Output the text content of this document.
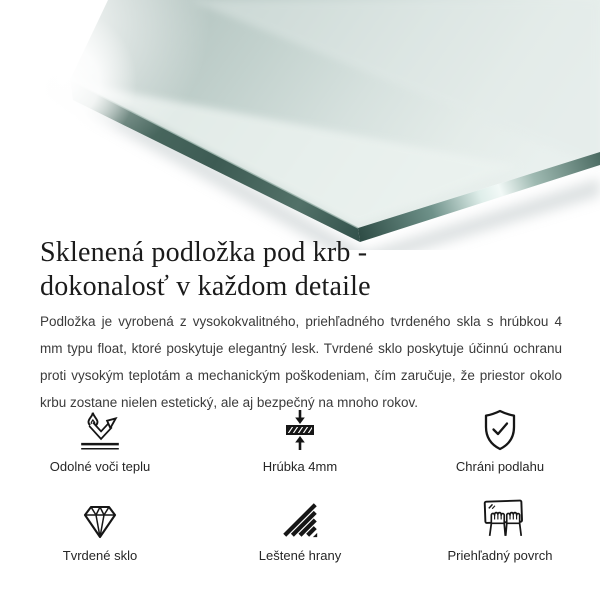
Sklenená podložka pod krb -
dokonalosť v každom detaile

Podložka je vyrobená z vysokokvalitného, priehľadného tvrdeného skla s hrúbkou 4 mm typu float, ktoré poskytuje elegantný lesk. Tvrdené sklo poskytuje účinnú ochranu proti vysokým teplotám a mechanickým poškodeniam, čím zaručuje, že priestor okolo krbu zostane nielen estetický, ale aj bezpečný na mnoho rokov.

Odolné voči teplu	Hrúbka 4mm	Chráni podlahu
Tvrdené sklo	Leštené hrany	Priehľadný povrch
